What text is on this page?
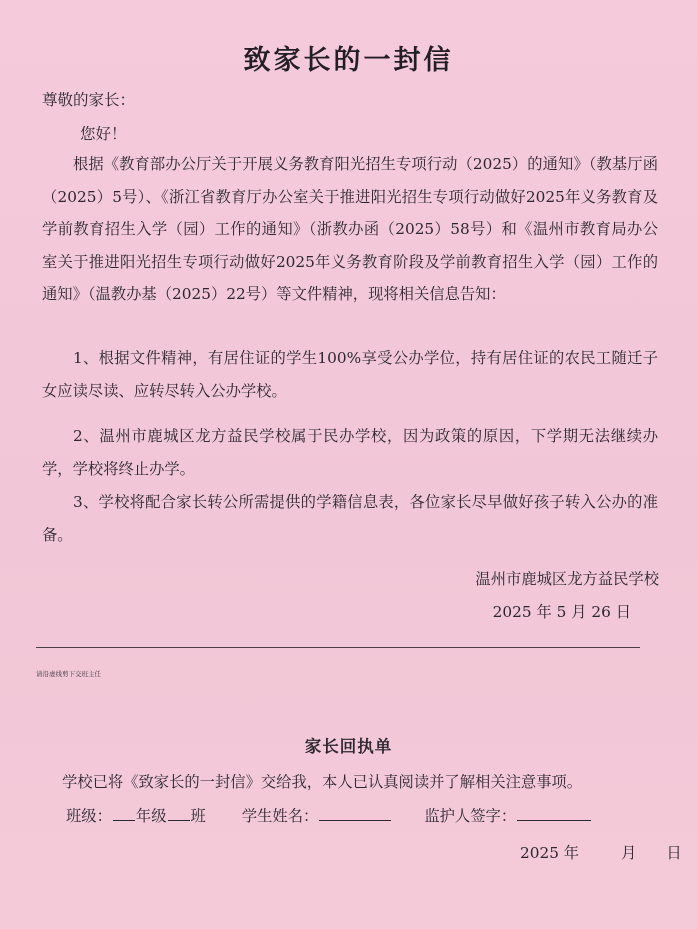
致家长的一封信
尊敬的家长：
您好！

根据《教育部办公厅关于开展义务教育阳光招生专项行动（2025）的通知》（教基厅函（2025）5号）、《浙江省教育厅办公室关于推进阳光招生专项行动做好2025年义务教育及学前教育招生入学（园）工作的通知》（浙教办函（2025）58号）和《温州市教育局办公室关于推进阳光招生专项行动做好2025年义务教育阶段及学前教育招生入学（园）工作的通知》（温教办基（2025）22号）等文件精神，现将相关信息告知：

1、根据文件精神，有居住证的学生100%享受公办学位，持有居住证的农民工随迁子女应读尽读、应转尽转入公办学校。

2、温州市鹿城区龙方益民学校属于民办学校，因为政策的原因，下学期无法继续办学，学校将终止办学。

3、学校将配合家长转公所需提供的学籍信息表，各位家长尽早做好孩子转入公办的准备。

温州市鹿城区龙方益民学校
2025 年 5 月 26 日
请沿虚线剪下交班主任
家长回执单
学校已将《致家长的一封信》交给我，本人已认真阅读并了解相关注意事项。
班级： 年级 班 学生姓名：	监护人签字：
2025 年	月 日
